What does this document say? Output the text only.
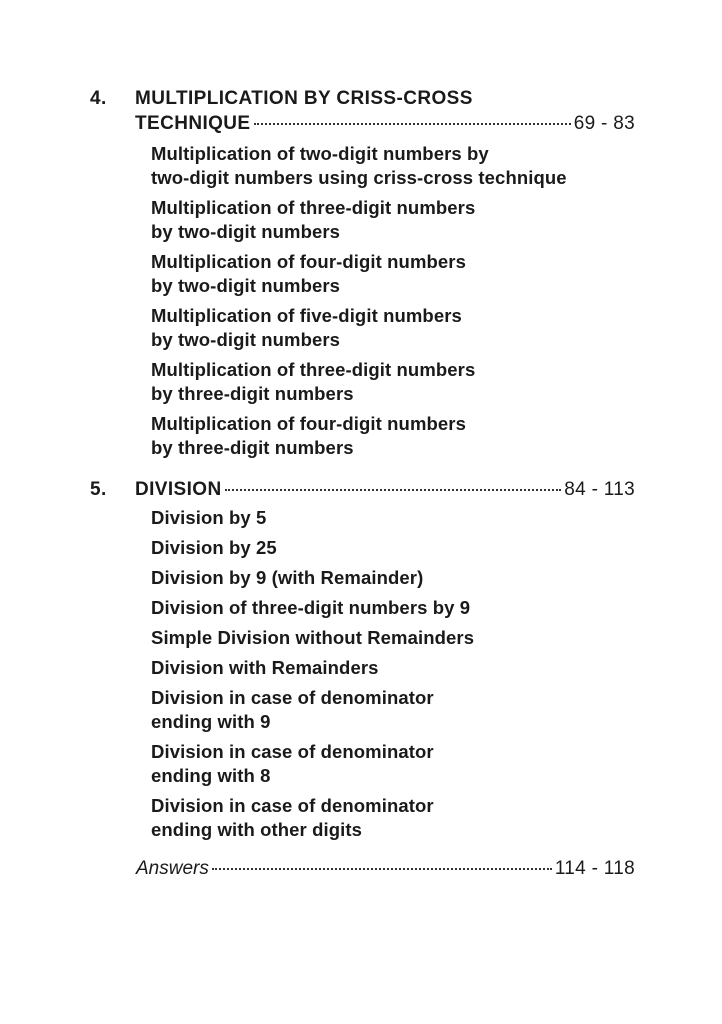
4.	MULTIPLICATION BY CRISS-CROSS
TECHNIQUE	69 - 83
Multiplication of two-digit numbers by
two-digit numbers using criss-cross technique
Multiplication of three-digit numbers
by two-digit numbers
Multiplication of four-digit numbers
by two-digit numbers
Multiplication of five-digit numbers
by two-digit numbers
Multiplication of three-digit numbers
by three-digit numbers
Multiplication of four-digit numbers
by three-digit numbers
5.	DIVISION	84 - 113
Division by 5
Division by 25
Division by 9 (with Remainder)
Division of three-digit numbers by 9
Simple Division without Remainders
Division with Remainders
Division in case of denominator
ending with 9
Division in case of denominator
ending with 8
Division in case of denominator
ending with other digits
Answers	114 - 118
